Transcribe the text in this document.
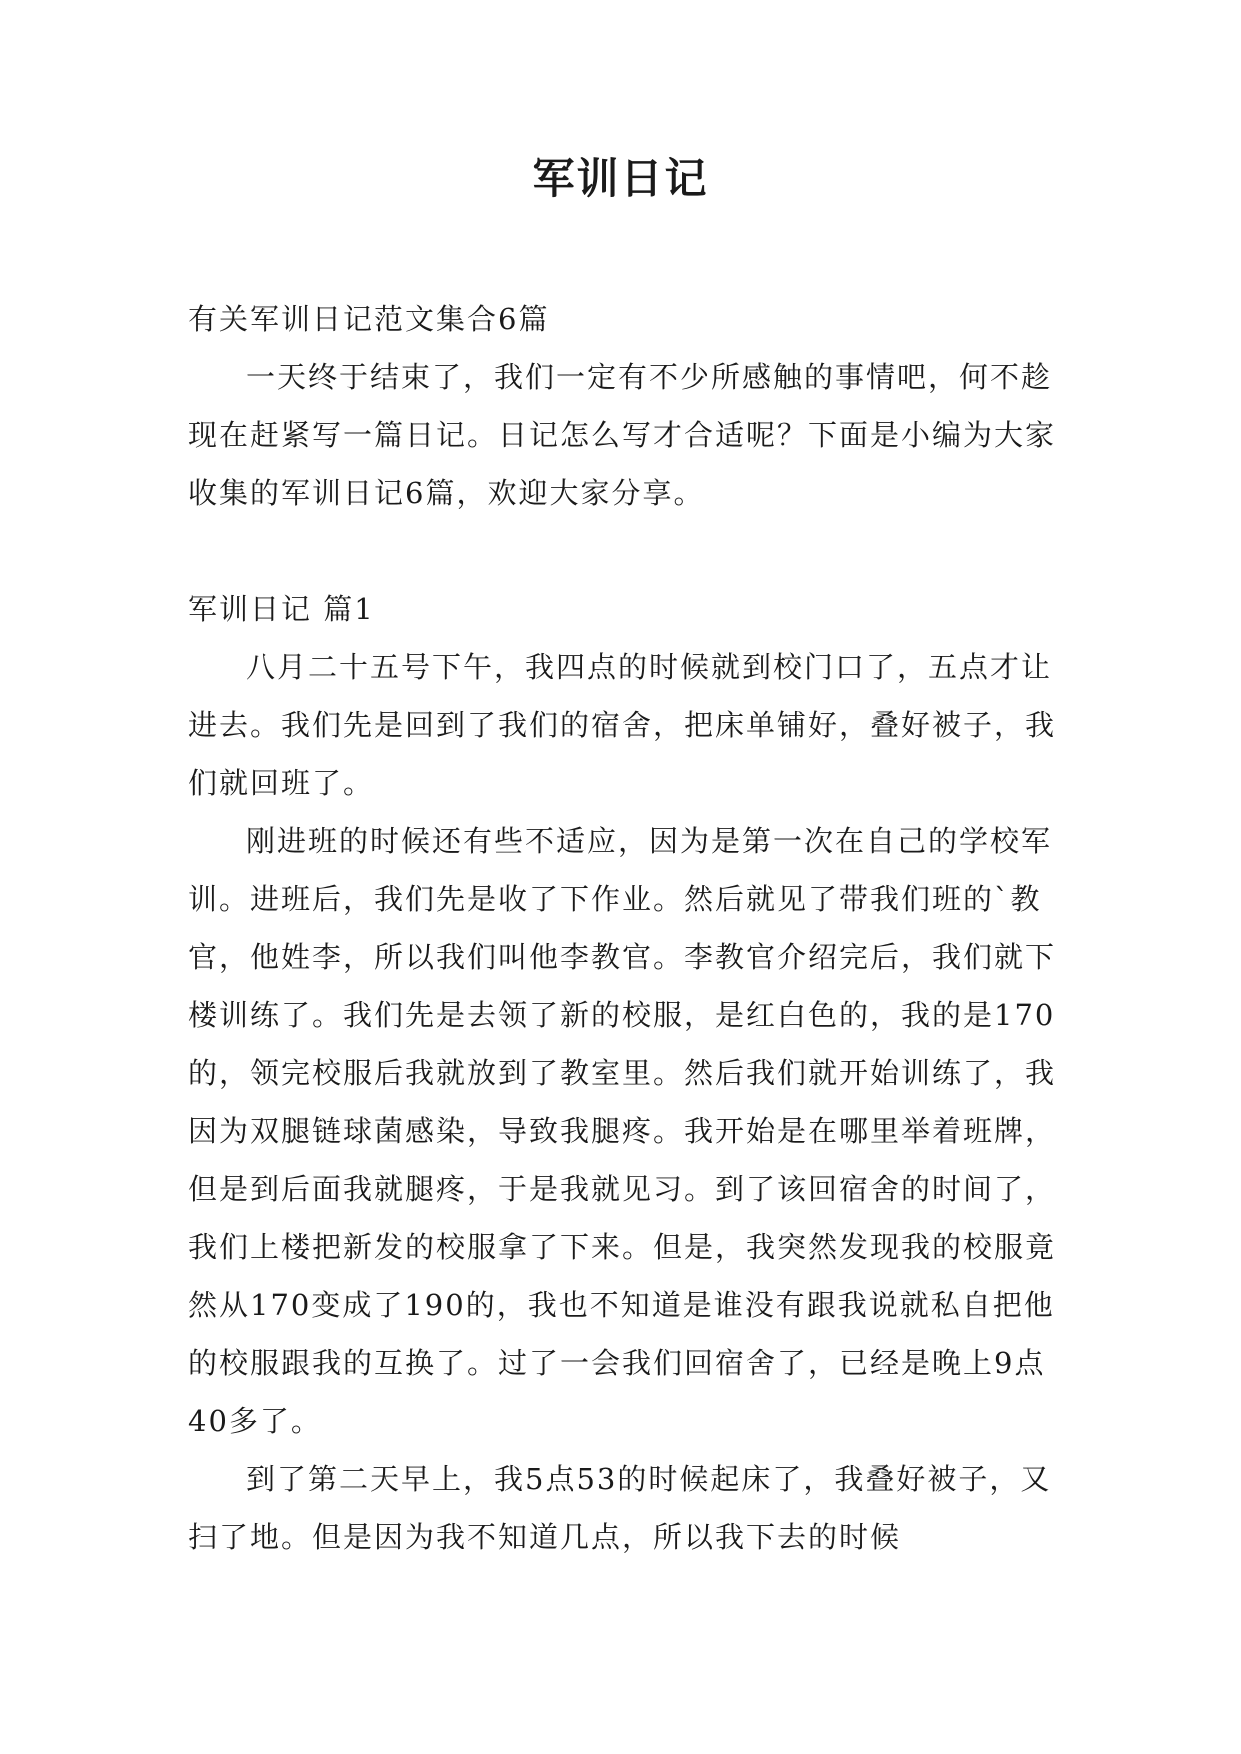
军训日记

有关军训日记范文集合6篇

一天终于结束了，我们一定有不少所感触的事情吧，何不趁现在赶紧写一篇日记。日记怎么写才合适呢？下面是小编为大家收集的军训日记6篇，欢迎大家分享。

军训日记 篇1

八月二十五号下午，我四点的时候就到校门口了，五点才让进去。我们先是回到了我们的宿舍，把床单铺好，叠好被子，我们就回班了。

刚进班的时候还有些不适应，因为是第一次在自己的学校军训。进班后，我们先是收了下作业。然后就见了带我们班的`教官，他姓李，所以我们叫他李教官。李教官介绍完后，我们就下楼训练了。我们先是去领了新的校服，是红白色的，我的是170的，领完校服后我就放到了教室里。然后我们就开始训练了，我因为双腿链球菌感染，导致我腿疼。我开始是在哪里举着班牌，但是到后面我就腿疼，于是我就见习。到了该回宿舍的时间了，我们上楼把新发的校服拿了下来。但是，我突然发现我的校服竟然从170变成了190的，我也不知道是谁没有跟我说就私自把他的校服跟我的互换了。过了一会我们回宿舍了，已经是晚上9点40多了。

到了第二天早上，我5点53的时候起床了，我叠好被子，又扫了地。但是因为我不知道几点，所以我下去的时候
